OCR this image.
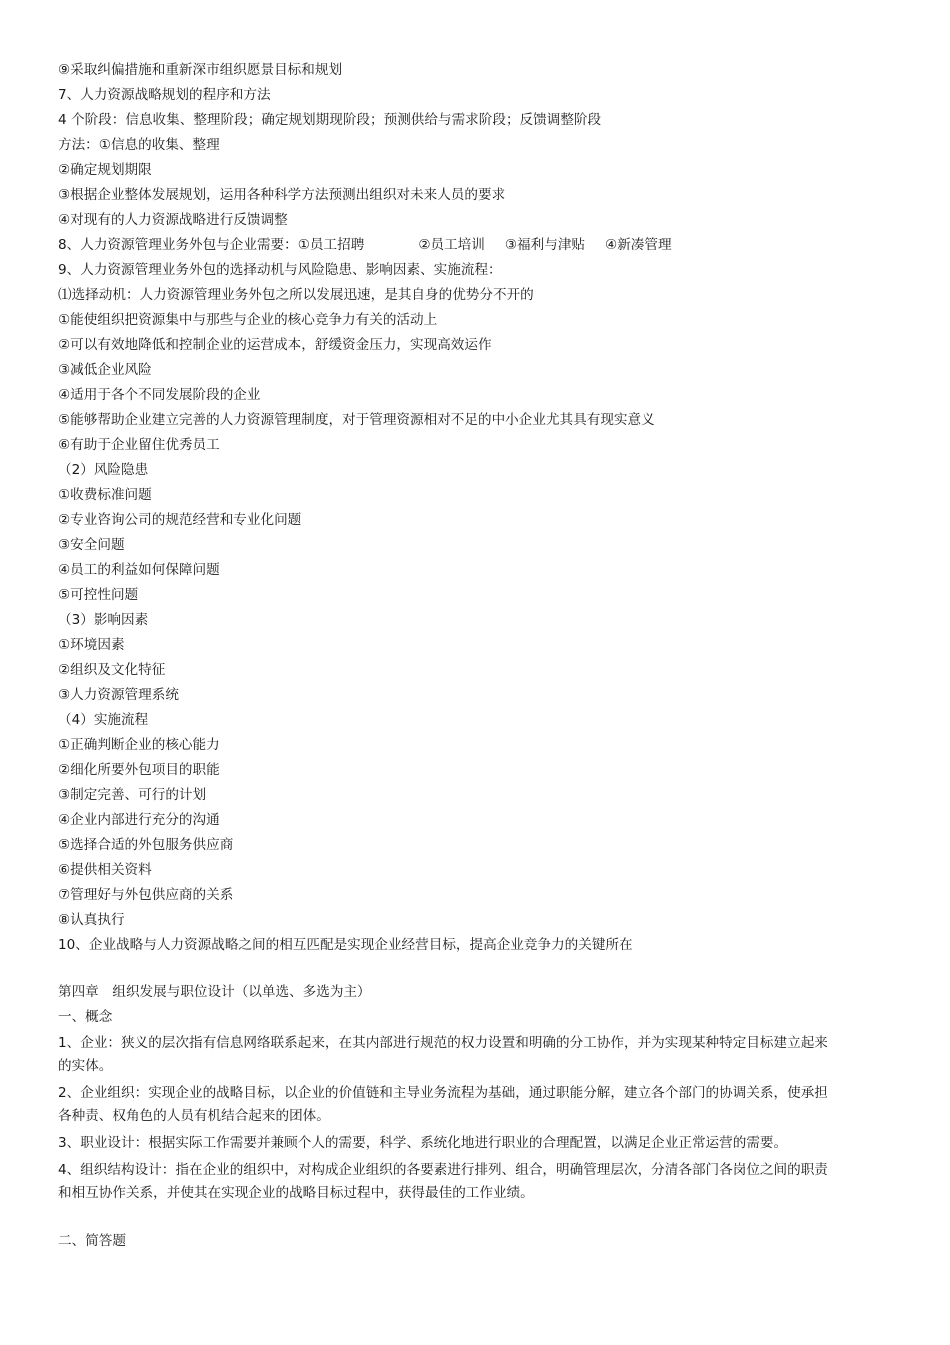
⑨采取纠偏措施和重新深市组织愿景目标和规划
7、人力资源战略规划的程序和方法
4 个阶段：信息收集、整理阶段；确定规划期现阶段；预测供给与需求阶段；反馈调整阶段
方法：①信息的收集、整理
②确定规划期限
③根据企业整体发展规划，运用各种科学方法预测出组织对未来人员的要求
④对现有的人力资源战略进行反馈调整
8、人力资源管理业务外包与企业需要：①员工招聘	②员工培训 ③福利与津贴 ④新凑管理
9、人力资源管理业务外包的选择动机与风险隐患、影响因素、实施流程：
⑴选择动机：人力资源管理业务外包之所以发展迅速，是其自身的优势分不开的
①能使组织把资源集中与那些与企业的核心竞争力有关的活动上
②可以有效地降低和控制企业的运营成本，舒缓资金压力，实现高效运作
③减低企业风险
④适用于各个不同发展阶段的企业
⑤能够帮助企业建立完善的人力资源管理制度，对于管理资源相对不足的中小企业尤其具有现实意义
⑥有助于企业留住优秀员工
（2）风险隐患
①收费标准问题
②专业咨询公司的规范经营和专业化问题
③安全问题
④员工的利益如何保障问题
⑤可控性问题
（3）影响因素
①环境因素
②组织及文化特征
③人力资源管理系统
（4）实施流程
①正确判断企业的核心能力
②细化所要外包项目的职能
③制定完善、可行的计划
④企业内部进行充分的沟通
⑤选择合适的外包服务供应商
⑥提供相关资料
⑦管理好与外包供应商的关系
⑧认真执行
10、企业战略与人力资源战略之间的相互匹配是实现企业经营目标，提高企业竞争力的关键所在
第四章　组织发展与职位设计（以单选、多选为主）
一、概念
1、企业：狭义的层次指有信息网络联系起来，在其内部进行规范的权力设置和明确的分工协作，并为实现某种特定目标建立起来的实体。
2、企业组织：实现企业的战略目标，以企业的价值链和主导业务流程为基础，通过职能分解，建立各个部门的协调关系，使承担各种责、权角色的人员有机结合起来的团体。
3、职业设计：根据实际工作需要并兼顾个人的需要，科学、系统化地进行职业的合理配置，以满足企业正常运营的需要。
4、组织结构设计：指在企业的组织中，对构成企业组织的各要素进行排列、组合，明确管理层次，分清各部门各岗位之间的职责和相互协作关系，并使其在实现企业的战略目标过程中，获得最佳的工作业绩。
二、简答题
